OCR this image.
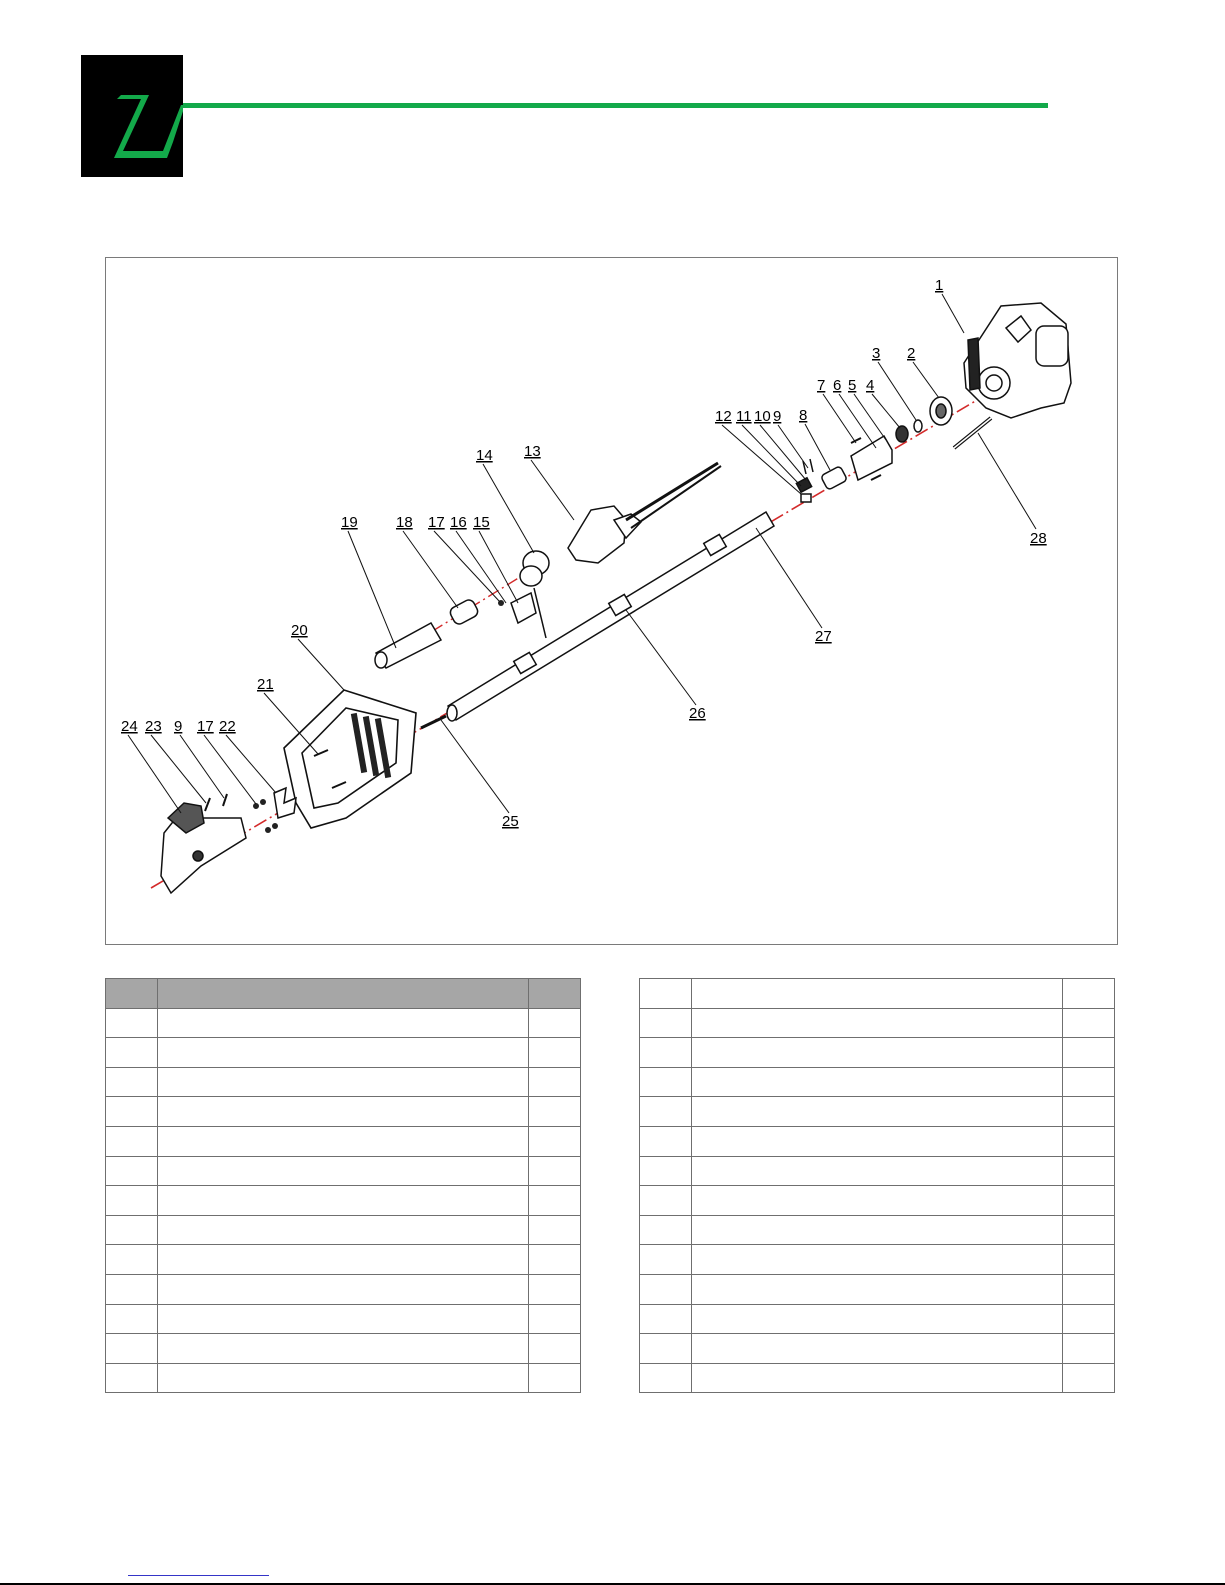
1
2
3
4
5
6
7
8
9
10
11
12
13
14
15
16
17
18
19
20
21
22
23
24
25
26
27
28
9 17
